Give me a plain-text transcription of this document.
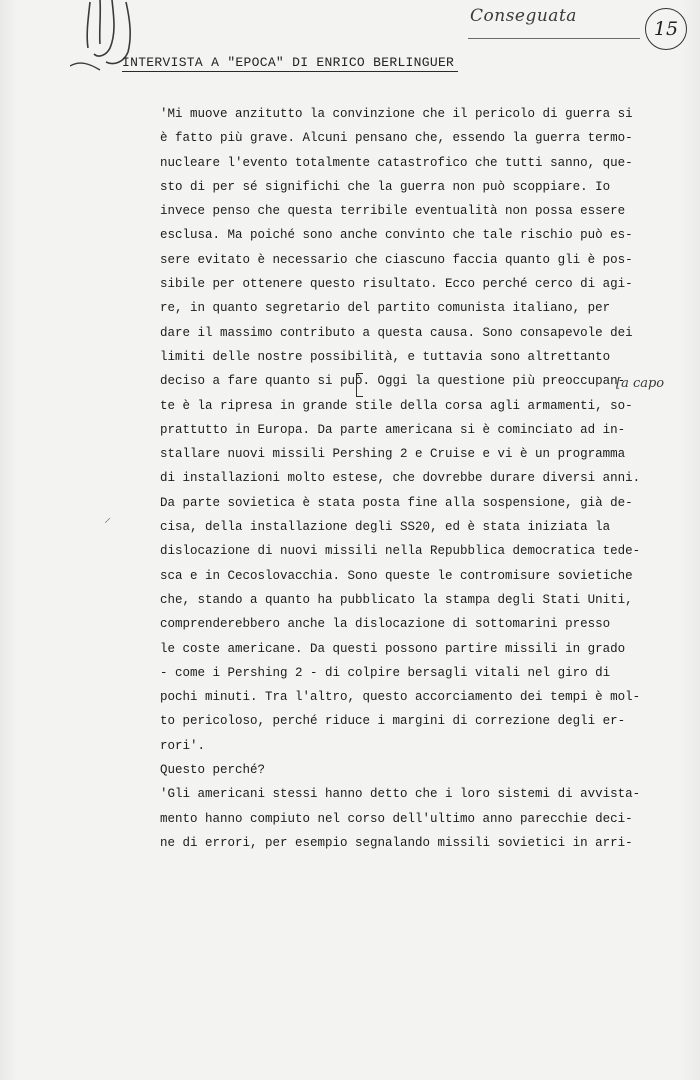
Conseguata
15
INTERVISTA A "EPOCA" DI ENRICO BERLINGUER
⸝
[a capo
'Mi muove anzitutto la convinzione che il pericolo di guerra si
è fatto più grave. Alcuni pensano che, essendo la guerra termo-
nucleare l'evento totalmente catastrofico che tutti sanno, que-
sto di per sé significhi che la guerra non può scoppiare. Io
invece penso che questa terribile eventualità non possa essere
esclusa. Ma poiché sono anche convinto che tale rischio può es-
sere evitato è necessario che ciascuno faccia quanto gli è pos-
sibile per ottenere questo risultato. Ecco perché cerco di agi-
re, in quanto segretario del partito comunista italiano, per
dare il massimo contributo a questa causa. Sono consapevole dei
limiti delle nostre possibilità, e tuttavia sono altrettanto
deciso a fare quanto si può. Oggi la questione più preoccupan-
te è la ripresa in grande stile della corsa agli armamenti, so-
prattutto in Europa. Da parte americana si è cominciato ad in-
stallare nuovi missili Pershing 2 e Cruise e vi è un programma
di installazioni molto estese, che dovrebbe durare diversi anni.
Da parte sovietica è stata posta fine alla sospensione, già de-
cisa, della installazione degli SS20, ed è stata iniziata la
dislocazione di nuovi missili nella Repubblica democratica tede-
sca e in Cecoslovacchia. Sono queste le contromisure sovietiche
che, stando a quanto ha pubblicato la stampa degli Stati Uniti,
comprenderebbero anche la dislocazione di sottomarini presso
le coste americane. Da questi possono partire missili in grado
- come i Pershing 2 - di colpire bersagli vitali nel giro di
pochi minuti. Tra l'altro, questo accorciamento dei tempi è mol-
to pericoloso, perché riduce i margini di correzione degli er-
rori'.
Questo perché?
'Gli americani stessi hanno detto che i loro sistemi di avvista-
mento hanno compiuto nel corso dell'ultimo anno parecchie deci-
ne di errori, per esempio segnalando missili sovietici in arri-
